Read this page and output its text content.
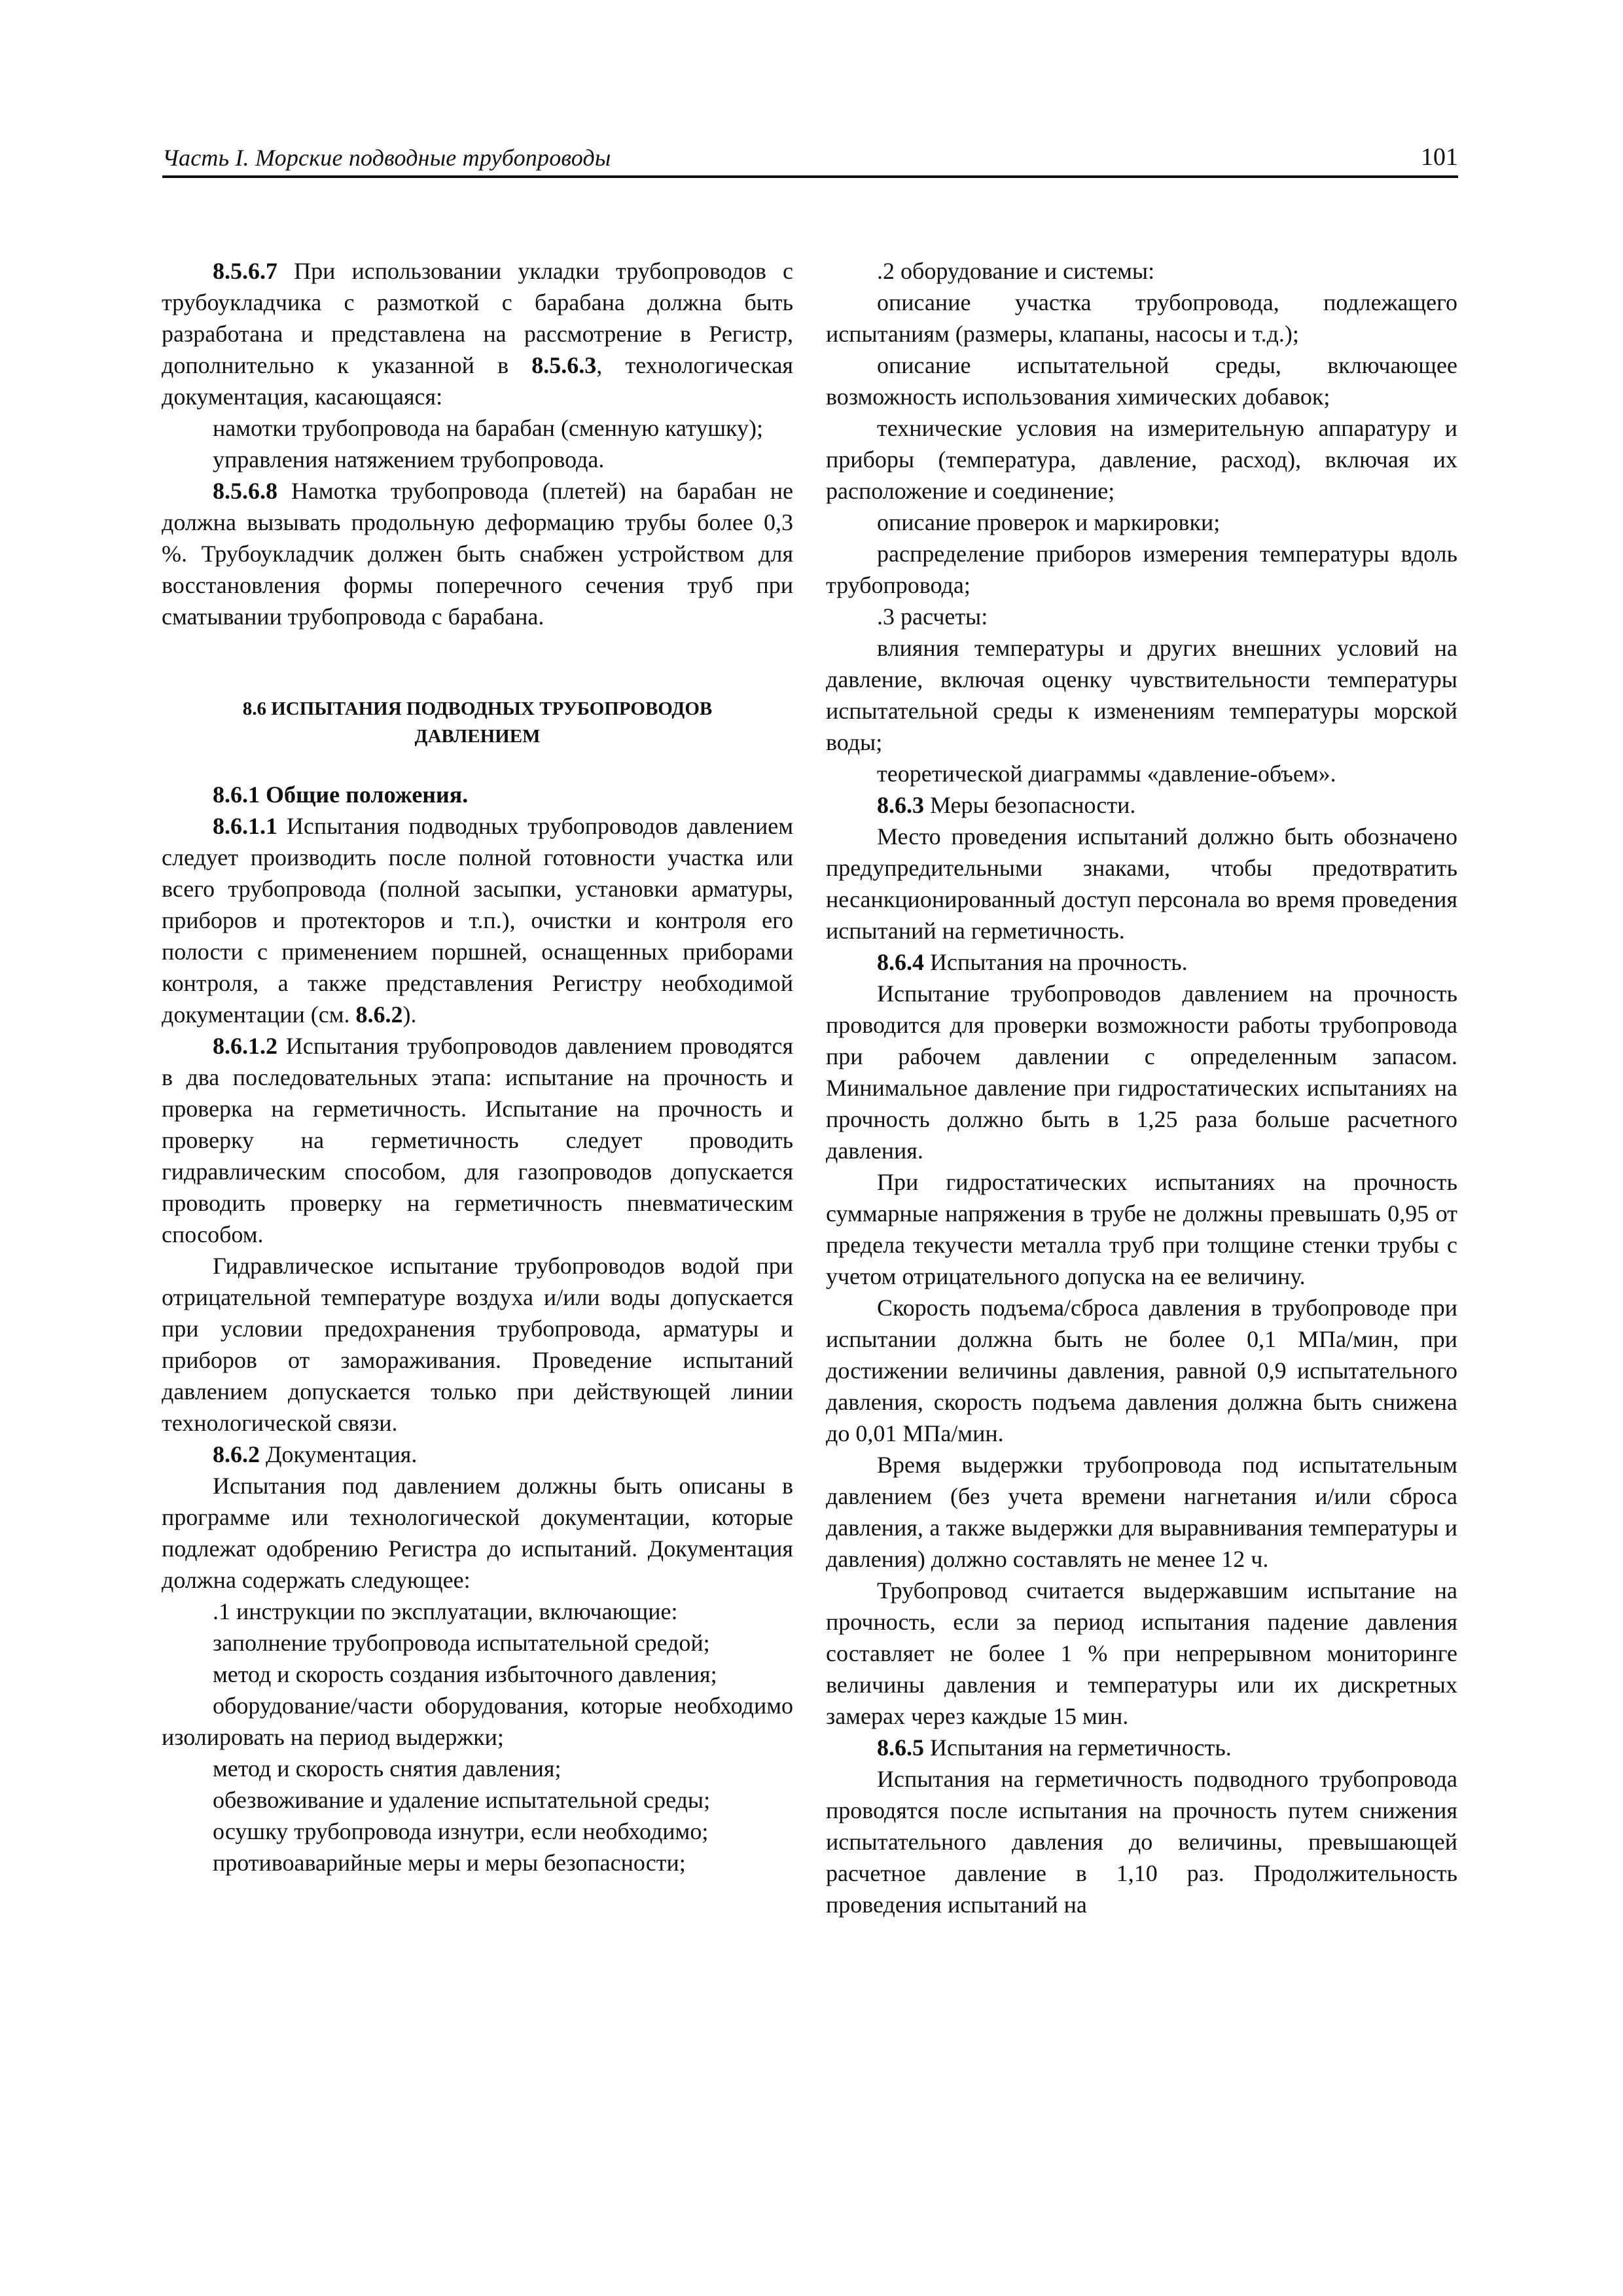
Часть I. Морские подводные трубопроводы	101

8.5.6.7 При использовании укладки трубопроводов с трубоукладчика с размоткой с барабана должна быть разработана и представлена на рассмотрение в Регистр, дополнительно к указанной в 8.5.6.3, технологическая документация, касающаяся:

намотки трубопровода на барабан (сменную катушку);

управления натяжением трубопровода.

8.5.6.8 Намотка трубопровода (плетей) на барабан не должна вызывать продольную деформацию трубы более 0,3 %. Трубоукладчик должен быть снабжен устройством для восстановления формы поперечного сечения труб при сматывании трубопровода с барабана.

8.6 ИСПЫТАНИЯ ПОДВОДНЫХ ТРУБОПРОВОДОВ ДАВЛЕНИЕМ

8.6.1 Общие положения.

8.6.1.1 Испытания подводных трубопроводов давлением следует производить после полной готовности участка или всего трубопровода (полной засыпки, установки арматуры, приборов и протекторов и т.п.), очистки и контроля его полости с применением поршней, оснащенных приборами контроля, а также представления Регистру необходимой документации (см. 8.6.2).

8.6.1.2 Испытания трубопроводов давлением проводятся в два последовательных этапа: испытание на прочность и проверка на герметичность. Испытание на прочность и проверку на герметичность следует проводить гидравлическим способом, для газопроводов допускается проводить проверку на герметичность пневматическим способом.

Гидравлическое испытание трубопроводов водой при отрицательной температуре воздуха и/или воды допускается при условии предохранения трубопровода, арматуры и приборов от замораживания. Проведение испытаний давлением допускается только при действующей линии технологической связи.

8.6.2 Документация.

Испытания под давлением должны быть описаны в программе или технологической документации, которые подлежат одобрению Регистра до испытаний. Документация должна содержать следующее:

.1 инструкции по эксплуатации, включающие:

заполнение трубопровода испытательной средой;

метод и скорость создания избыточного давления;

оборудование/части оборудования, которые необходимо изолировать на период выдержки;

метод и скорость снятия давления;

обезвоживание и удаление испытательной среды;

осушку трубопровода изнутри, если необходимо;

противоаварийные меры и меры безопасности;

.2 оборудование и системы:

описание участка трубопровода, подлежащего испытаниям (размеры, клапаны, насосы и т.д.);

описание испытательной среды, включающее возможность использования химических добавок;

технические условия на измерительную аппаратуру и приборы (температура, давление, расход), включая их расположение и соединение;

описание проверок и маркировки;

распределение приборов измерения температуры вдоль трубопровода;

.3 расчеты:

влияния температуры и других внешних условий на давление, включая оценку чувствительности температуры испытательной среды к изменениям температуры морской воды;

теоретической диаграммы «давление-объем».

8.6.3 Меры безопасности.

Место проведения испытаний должно быть обозначено предупредительными знаками, чтобы предотвратить несанкционированный доступ персонала во время проведения испытаний на герметичность.

8.6.4 Испытания на прочность.

Испытание трубопроводов давлением на прочность проводится для проверки возможности работы трубопровода при рабочем давлении с определенным запасом. Минимальное давление при гидростатических испытаниях на прочность должно быть в 1,25 раза больше расчетного давления.

При гидростатических испытаниях на прочность суммарные напряжения в трубе не должны превышать 0,95 от предела текучести металла труб при толщине стенки трубы с учетом отрицательного допуска на ее величину.

Скорость подъема/сброса давления в трубопроводе при испытании должна быть не более 0,1 МПа/мин, при достижении величины давления, равной 0,9 испытательного давления, скорость подъема давления должна быть снижена до 0,01 МПа/мин.

Время выдержки трубопровода под испытательным давлением (без учета времени нагнетания и/или сброса давления, а также выдержки для выравнивания температуры и давления) должно составлять не менее 12 ч.

Трубопровод считается выдержавшим испытание на прочность, если за период испытания падение давления составляет не более 1 % при непрерывном мониторинге величины давления и температуры или их дискретных замерах через каждые 15 мин.

8.6.5 Испытания на герметичность.

Испытания на герметичность подводного трубопровода проводятся после испытания на прочность путем снижения испытательного давления до величины, превышающей расчетное давление в 1,10 раз. Продолжительность проведения испытаний на
